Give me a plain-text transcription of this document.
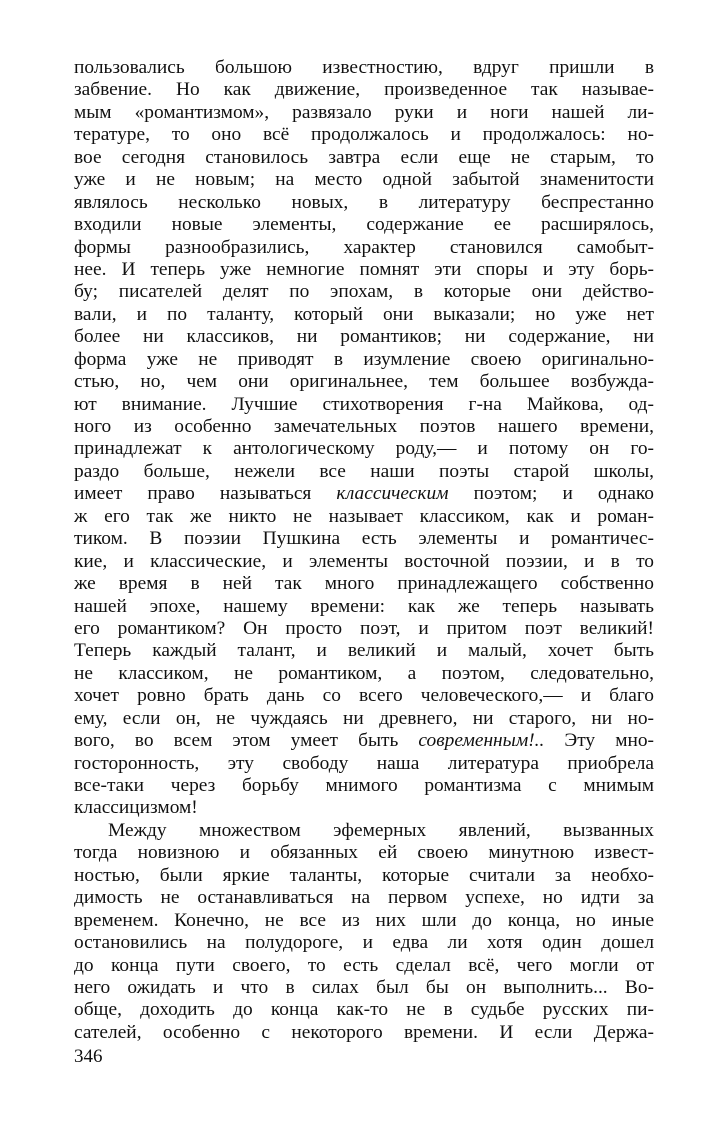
пользовались большою известностию, вдруг пришли в
забвение. Но как движение, произведенное так называе-
мым «романтизмом», развязало руки и ноги нашей ли-
тературе, то оно всё продолжалось и продолжалось: но-
вое сегодня становилось завтра если еще не старым, то
уже и не новым; на место одной забытой знаменитости
являлось несколько новых, в литературу беспрестанно
входили новые элементы, содержание ее расширялось,
формы разнообразились, характер становился самобыт-
нее. И теперь уже немногие помнят эти споры и эту борь-
бу; писателей делят по эпохам, в которые они действо-
вали, и по таланту, который они выказали; но уже нет
более ни классиков, ни романтиков; ни содержание, ни
форма уже не приводят в изумление своею оригинально-
стью, но, чем они оригинальнее, тем большее возбужда-
ют внимание. Лучшие стихотворения г-на Майкова, од-
ного из особенно замечательных поэтов нашего времени,
принадлежат к антологическому роду,— и потому он го-
раздо больше, нежели все наши поэты старой школы,
имеет право называться классическим поэтом; и однако
ж его так же никто не называет классиком, как и роман-
тиком. В поэзии Пушкина есть элементы и романтичес-
кие, и классические, и элементы восточной поэзии, и в то
же время в ней так много принадлежащего собственно
нашей эпохе, нашему времени: как же теперь называть
его романтиком? Он просто поэт, и притом поэт великий!
Теперь каждый талант, и великий и малый, хочет быть
не классиком, не романтиком, а поэтом, следовательно,
хочет ровно брать дань со всего человеческого,— и благо
ему, если он, не чуждаясь ни древнего, ни старого, ни но-
вого, во всем этом умеет быть современным!.. Эту мно-
госторонность, эту свободу наша литература приобрела
все-таки через борьбу мнимого романтизма с мнимым
классицизмом!
Между множеством эфемерных явлений, вызванных
тогда новизною и обязанных ей своею минутною извест-
ностью, были яркие таланты, которые считали за необхо-
димость не останавливаться на первом успехе, но идти за
временем. Конечно, не все из них шли до конца, но иные
остановились на полудороге, и едва ли хотя один дошел
до конца пути своего, то есть сделал всё, чего могли от
него ожидать и что в силах был бы он выполнить... Во-
обще, доходить до конца как-то не в судьбе русских пи-
сателей, особенно с некоторого времени. И если Держа-
346
